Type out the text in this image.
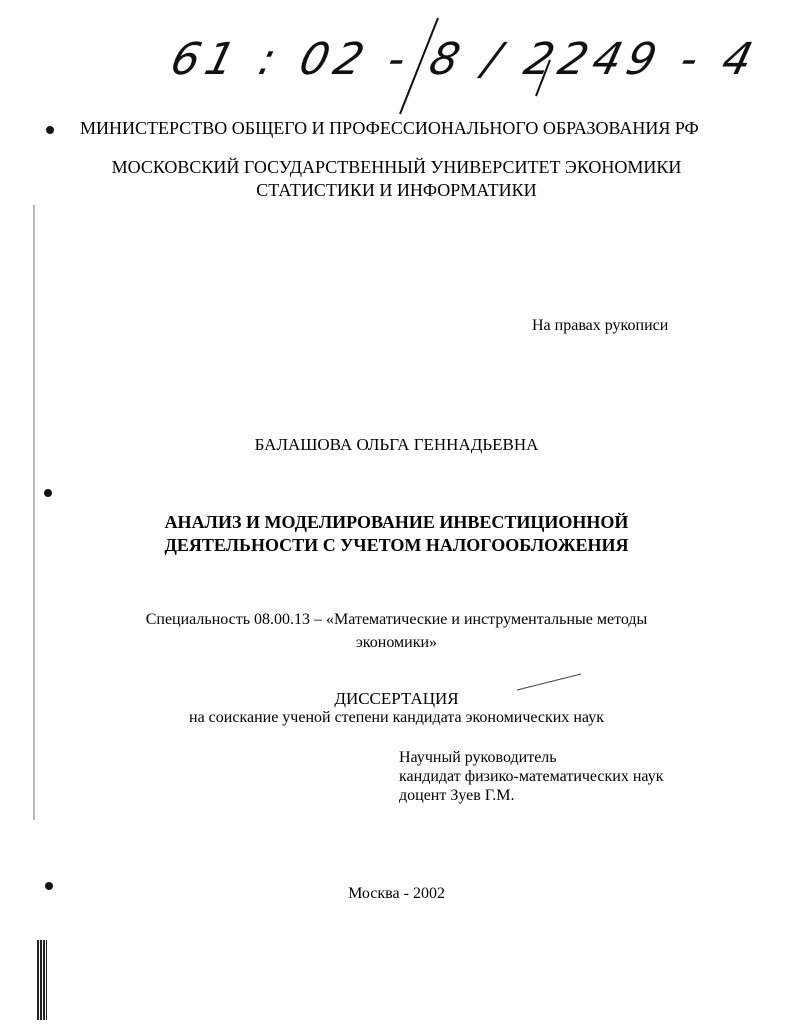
61 : 02 - 8 / 2249 - 4
МИНИСТЕРСТВО ОБЩЕГО И ПРОФЕССИОНАЛЬНОГО ОБРАЗОВАНИЯ РФ
МОСКОВСКИЙ ГОСУДАРСТВЕННЫЙ УНИВЕРСИТЕТ ЭКОНОМИКИ
СТАТИСТИКИ И ИНФОРМАТИКИ
На правах рукописи
БАЛАШОВА ОЛЬГА ГЕННАДЬЕВНА
АНАЛИЗ И МОДЕЛИРОВАНИЕ ИНВЕСТИЦИОННОЙ
ДЕЯТЕЛЬНОСТИ С УЧЕТОМ НАЛОГООБЛОЖЕНИЯ
Специальность 08.00.13 – «Математические и инструментальные методы
экономики»
ДИССЕРТАЦИЯ
на соискание ученой степени кандидата экономических наук
Научный руководитель
кандидат физико-математических наук
доцент Зуев Г.М.
Москва - 2002
